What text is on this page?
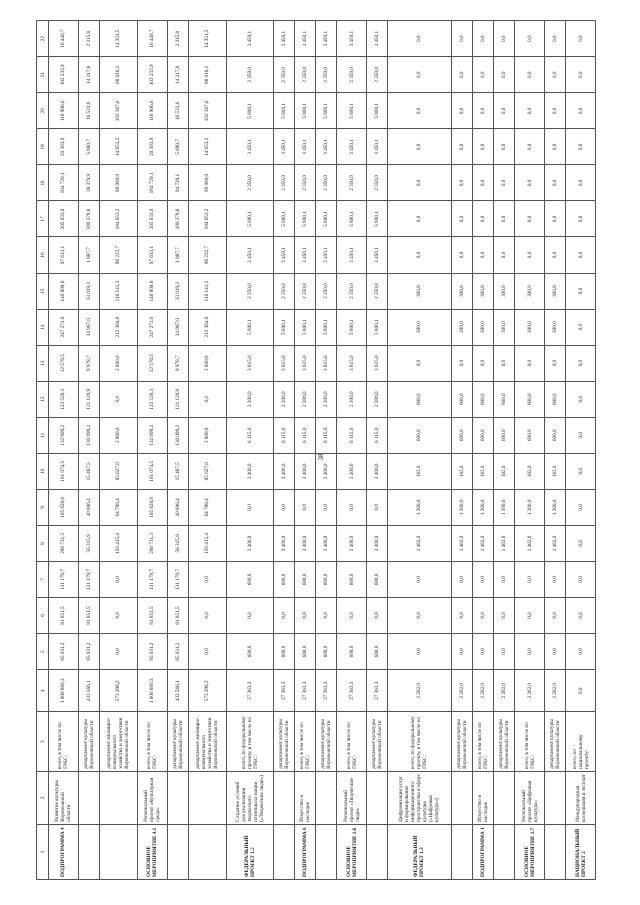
38
1	2	3	4	5	6	7	8	9	10	11	12	13	14	15	16	17	18	19	20	21	22
ПОДПРОГРАММА 4	Развитие культуры Воронежской области	всего, в том числе по ГРБС:	1 006 860,3	85 031,2	81 851,5	131 179,7	206 731,3	105 628,8	101 074,5	132 899,2	123 528,3	12 576,5	247 271,0	140 809,6	97 613,1	205 033,0	184 729,1	20 303,9	118 906,6	102 233,9	16 440,7
		департамент культуры Воронежской области	433 566,1	85 031,2	81 851,5	131 179,7	56 315,9	40 806,4	15 487,5	130 099,2	121 120,9	9 978,7	34 907,0	33 019,3	1 887,7	100 379,8	38 379,9	5 690,7	16 533,6	14 217,8	2 315,8
		департамент жилищно-коммунального хозяйства и энергетики Воронежской области	573 298,2	0,0	0,0	0,0	150 415,4	64 788,4	85 627,0	2 800,0	0,0	2 800,0	212 364,0	116 141,3	96 222,7	104 653,2	90 000,0	14 653,2	102 367,6	88 016,1	14 351,5
ОСНОВНОЕ МЕРОПРИЯТИЕ 4.1	Региональный проект «Культурная среда»	всего, в том числе по ГРБС:	1 006 860,3	85 031,2	81 851,5	131 179,7	206 731,3	105 628,8	101 074,5	132 899,2	123 528,3	12 576,5	247 271,0	140 809,6	97 613,1	205 033,0	184 729,1	20 303,9	118 906,6	102 233,9	16 440,7
		департамент культуры Воронежской области	433 566,1	85 031,2	81 851,5	131 179,7	56 315,9	40 806,4	15 487,5	130 099,2	121 120,9	9 978,7	34 907,0	33 019,3	1 887,7	100 379,8	94 729,1	5 690,7	16 533,6	14 217,8	2 315,8
		департамент жилищно-коммунального хозяйства и энергетики Воронежской области	573 298,2	0,0	0,0	0,0	150 415,4	64 788,4	85 627,0	2 800,0	0,0	2 800,0	212 364,0	116 141,3	96 222,7	104 653,2	90 000,0	14 653,2	102 367,6	88 016,1	14 351,5
ФЕДЕРАЛЬНЫЙ ПРОЕКТ 1.2	Создание условий для реализации творческого потенциала нации («Творческие люди»)	всего, по федеральному проекту, в том числе по ГРБС:	27 363,3	600,0	0,0	600,0	3 400,0	0,0	3 400,0	6 115,0	2 300,0	3 815,0	5 800,1	2 350,0	3 450,1	5 800,1	2 350,0	3 450,1	5 800,1	2 350,0	3 450,1
		департамент культуры Воронежской области	27 363,3	600,0	0,0	600,0	3 400,0	0,0	3 400,0	6 115,0	2 300,0	3 815,0	5 800,1	2 350,0	3 450,1	5 800,1	2 350,0	3 450,1	5 800,1	2 350,0	3 450,1
ПОДПРОГРАММА 6	Искусство и наследие	всего, в том числе по ГРБС:	27 363,3	600,0	0,0	600,0	3 400,0	0,0	3 400,0	6 115,0	2 300,0	3 815,0	5 800,1	2 350,0	3 450,1	5 800,1	2 350,0	3 450,1	5 800,1	2 350,0	3 450,1
		департамент культуры Воронежской области	27 363,3	600,0	0,0	600,0	3 400,0	0,0	3 400,0	6 115,0	2 300,0	3 815,0	5 800,1	2 350,0	3 450,1	5 800,1	2 350,0	3 450,1	5 800,1	2 350,0	3 450,1
ОСНОВНОЕ МЕРОПРИЯТИЕ 1.6	Региональный проект «Творческие люди»	всего, в том числе по ГРБС:	27 363,3	600,0	0,0	600,0	3 400,0	0,0	3 400,0	6 115,0	2 300,0	3 815,0	5 800,1	2 350,0	3 450,1	5 800,1	2 350,0	3 450,1	5 800,1	2 350,0	3 450,1
		департамент культуры Воронежской области	27 363,3	600,0	0,0	600,0	3 400,0	0,0	3 400,0	6 115,0	2 300,0	3 815,0	5 800,1	2 350,0	3 450,1	5 800,1	2 350,0	3 450,1	5 800,1	2 350,0	3 450,1
ФЕДЕРАЛЬНЫЙ ПРОЕКТ 1.3	Цифровизация услуг и формирование информационного пространства в сфере культуры («Цифровая культура»)	всего, по федеральному проекту, в том числе по ГРБС:	2 262,0	0,0	0,0	0,0	1 462,0	1 300,0	162,0	600,0	600,0	0,0	300,0	300,0	0,0	0,0	0,0	0,0	0,0	0,0	0,0
		департамент культуры Воронежской области	2 262,0	0,0	0,0	0,0	1 462,0	1 300,0	162,0	600,0	600,0	0,0	300,0	300,0	0,0	0,0	0,0	0,0	0,0	0,0	0,0
ПОДПРОГРАММА 1	Искусство и наследие	всего, в том числе по ГРБС:	2 262,0	0,0	0,0	0,0	1 462,0	1 300,0	162,0	600,0	600,0	0,0	300,0	300,0	0,0	0,0	0,0	0,0	0,0	0,0	0,0
		департамент культуры Воронежской области	2 262,0	0,0	0,0	0,0	1 462,0	1 300,0	162,0	600,0	600,0	0,0	300,0	300,0	0,0	0,0	0,0	0,0	0,0	0,0	0,0
ОСНОВНОЕ МЕРОПРИЯТИЕ 1.7	Региональный проект «Цифровая культура»	всего, в том числе по ГРБС:	2 262,0	0,0	0,0	0,0	1 462,0	1 300,0	162,0	600,0	600,0	0,0	300,0	300,0	0,0	0,0	0,0	0,0	0,0	0,0	0,0
		департамент культуры Воронежской области	2 262,0	0,0	0,0	0,0	1 462,0	1 300,0	162,0	600,0	600,0	0,0	300,0	300,0	0,0	0,0	0,0	0,0	0,0	0,0	0,0
НАЦИОНАЛЬНЫЙ ПРОЕКТ 2	Международная кооперация и экспорт	всего, по национальному проекту:	0,0	0,0	0,0	0,0	0,0	0,0	0,0	0,0	0,0	0,0	0,0	0,0	0,0	0,0	0,0	0,0	0,0	0,0	0,0
